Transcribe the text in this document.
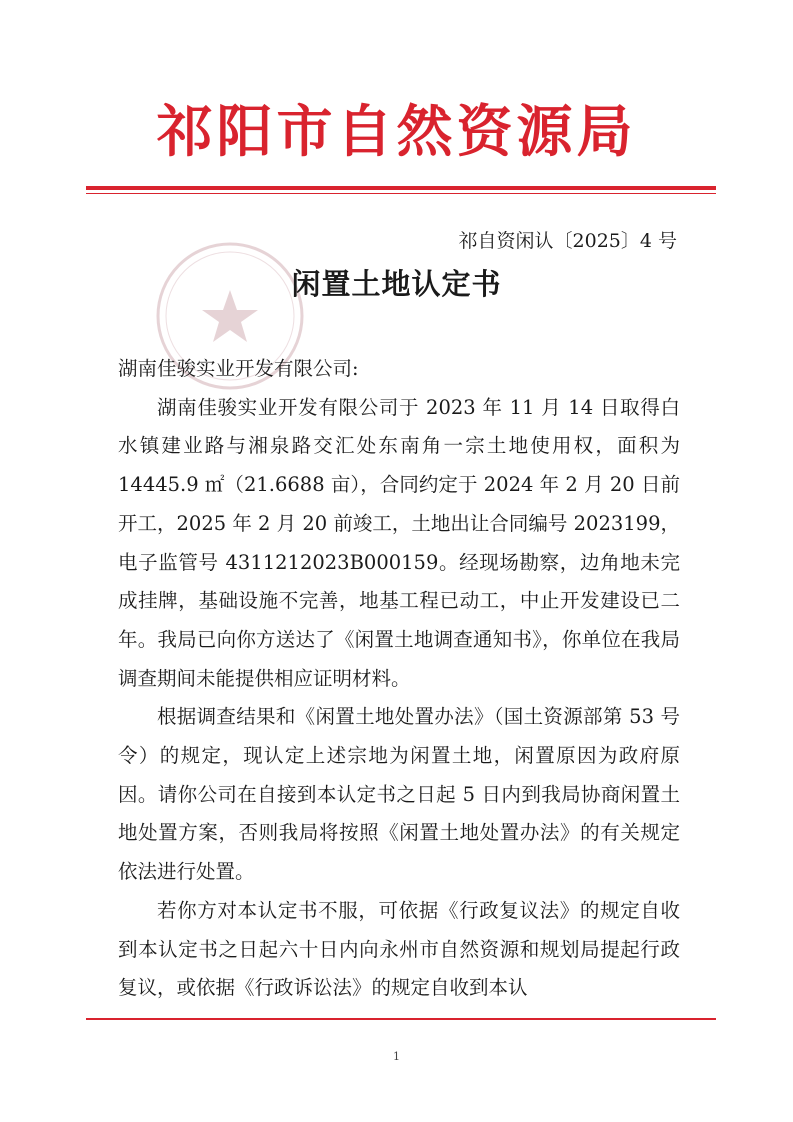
祁阳市自然资源局
祁自资闲认〔2025〕4 号
闲置土地认定书

湖南佳骏实业开发有限公司:

湖南佳骏实业开发有限公司于 2023 年 11 月 14 日取得白水镇建业路与湘泉路交汇处东南角一宗土地使用权，面积为 14445.9 ㎡（21.6688 亩），合同约定于 2024 年 2 月 20 日前开工，2025 年 2 月 20 前竣工，土地出让合同编号 2023199，电子监管号 4311212023B000159。经现场勘察，边角地未完成挂牌，基础设施不完善，地基工程已动工，中止开发建设已二年。我局已向你方送达了《闲置土地调查通知书》，你单位在我局调查期间未能提供相应证明材料。

根据调查结果和《闲置土地处置办法》（国土资源部第 53 号令）的规定，现认定上述宗地为闲置土地，闲置原因为政府原因。请你公司在自接到本认定书之日起 5 日内到我局协商闲置土地处置方案，否则我局将按照《闲置土地处置办法》的有关规定依法进行处置。

若你方对本认定书不服，可依据《行政复议法》的规定自收到本认定书之日起六十日内向永州市自然资源和规划局提起行政复议，或依据《行政诉讼法》的规定自收到本认

1
